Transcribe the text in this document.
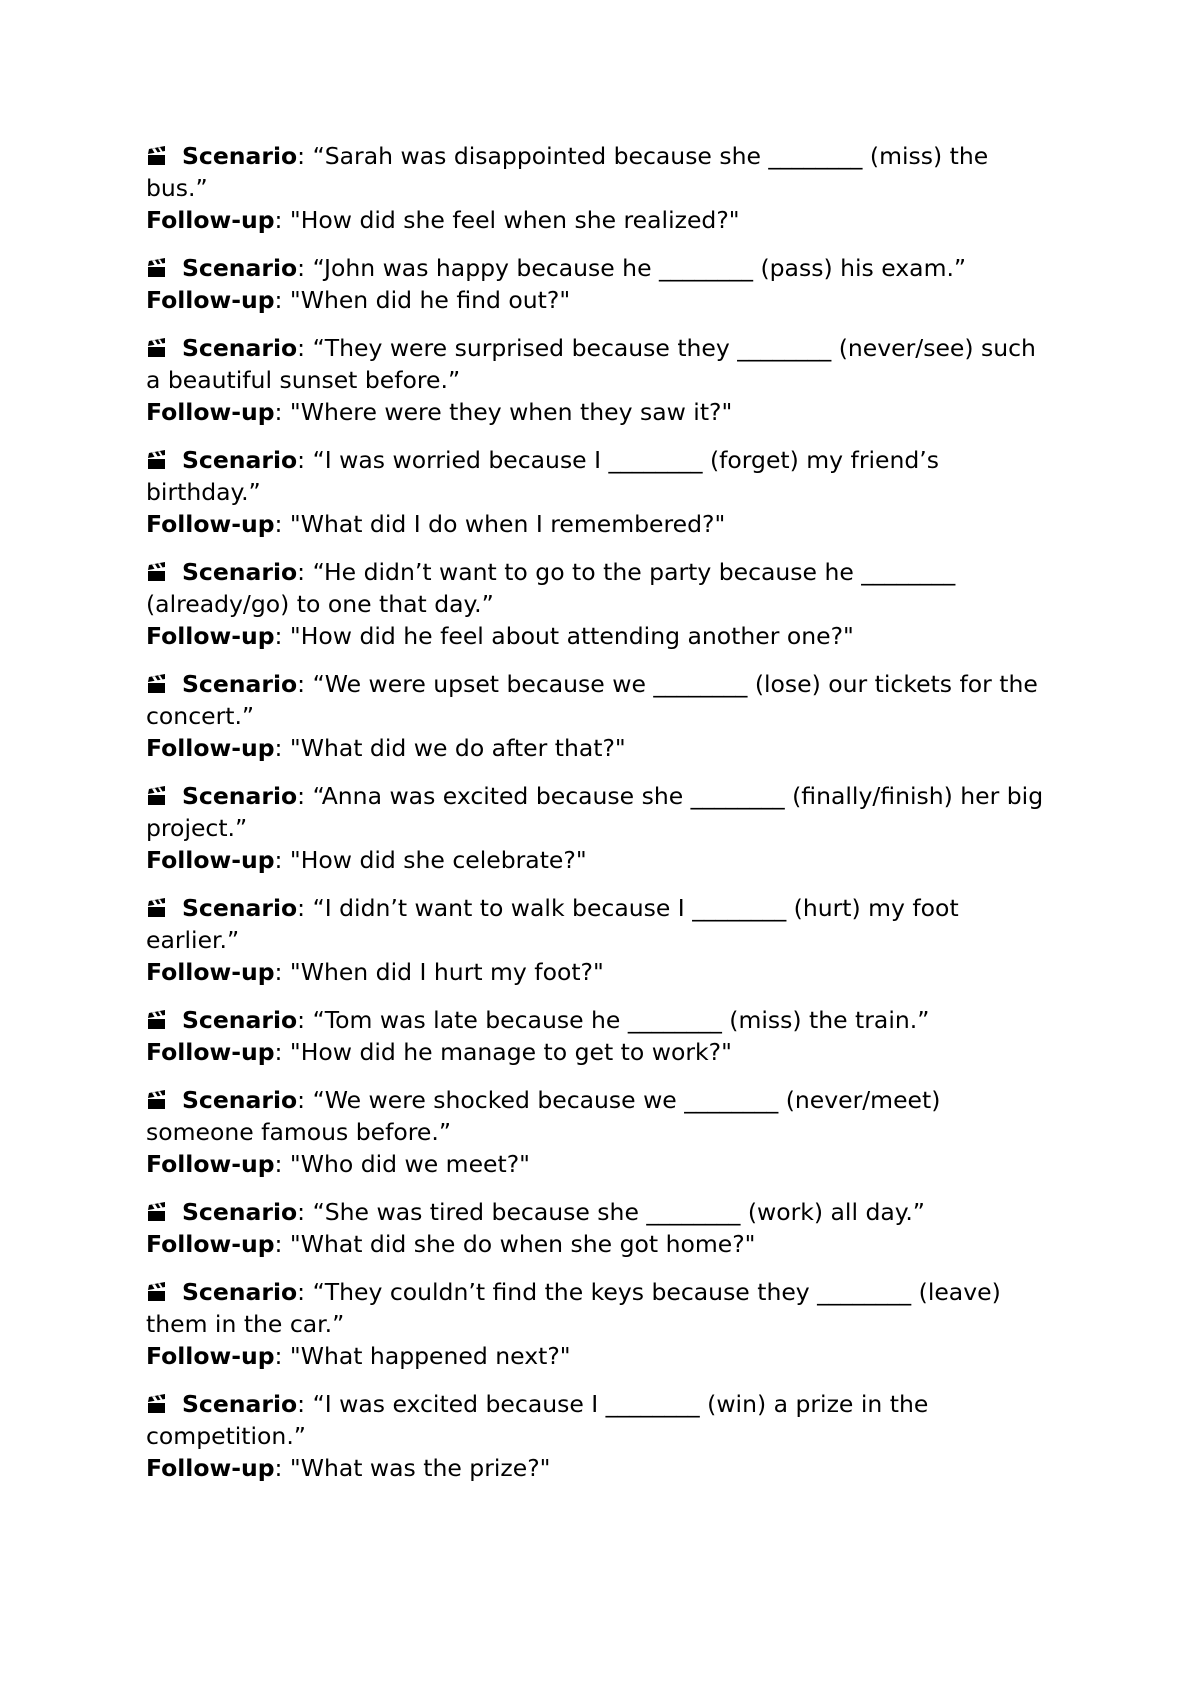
Scenario: “Sarah was disappointed because she ________ (miss) the bus.”
Follow-up: "How did she feel when she realized?"
Scenario: “John was happy because he ________ (pass) his exam.”
Follow-up: "When did he find out?"
Scenario: “They were surprised because they ________ (never/see) such a beautiful sunset before.”
Follow-up: "Where were they when they saw it?"
Scenario: “I was worried because I ________ (forget) my friend’s birthday.”
Follow-up: "What did I do when I remembered?"
Scenario: “He didn’t want to go to the party because he ________ (already/go) to one that day.”
Follow-up: "How did he feel about attending another one?"
Scenario: “We were upset because we ________ (lose) our tickets for the concert.”
Follow-up: "What did we do after that?"
Scenario: “Anna was excited because she ________ (finally/finish) her big project.”
Follow-up: "How did she celebrate?"
Scenario: “I didn’t want to walk because I ________ (hurt) my foot earlier.”
Follow-up: "When did I hurt my foot?"
Scenario: “Tom was late because he ________ (miss) the train.”
Follow-up: "How did he manage to get to work?"
Scenario: “We were shocked because we ________ (never/meet) someone famous before.”
Follow-up: "Who did we meet?"
Scenario: “She was tired because she ________ (work) all day.”
Follow-up: "What did she do when she got home?"
Scenario: “They couldn’t find the keys because they ________ (leave) them in the car.”
Follow-up: "What happened next?"
Scenario: “I was excited because I ________ (win) a prize in the competition.”
Follow-up: "What was the prize?"
